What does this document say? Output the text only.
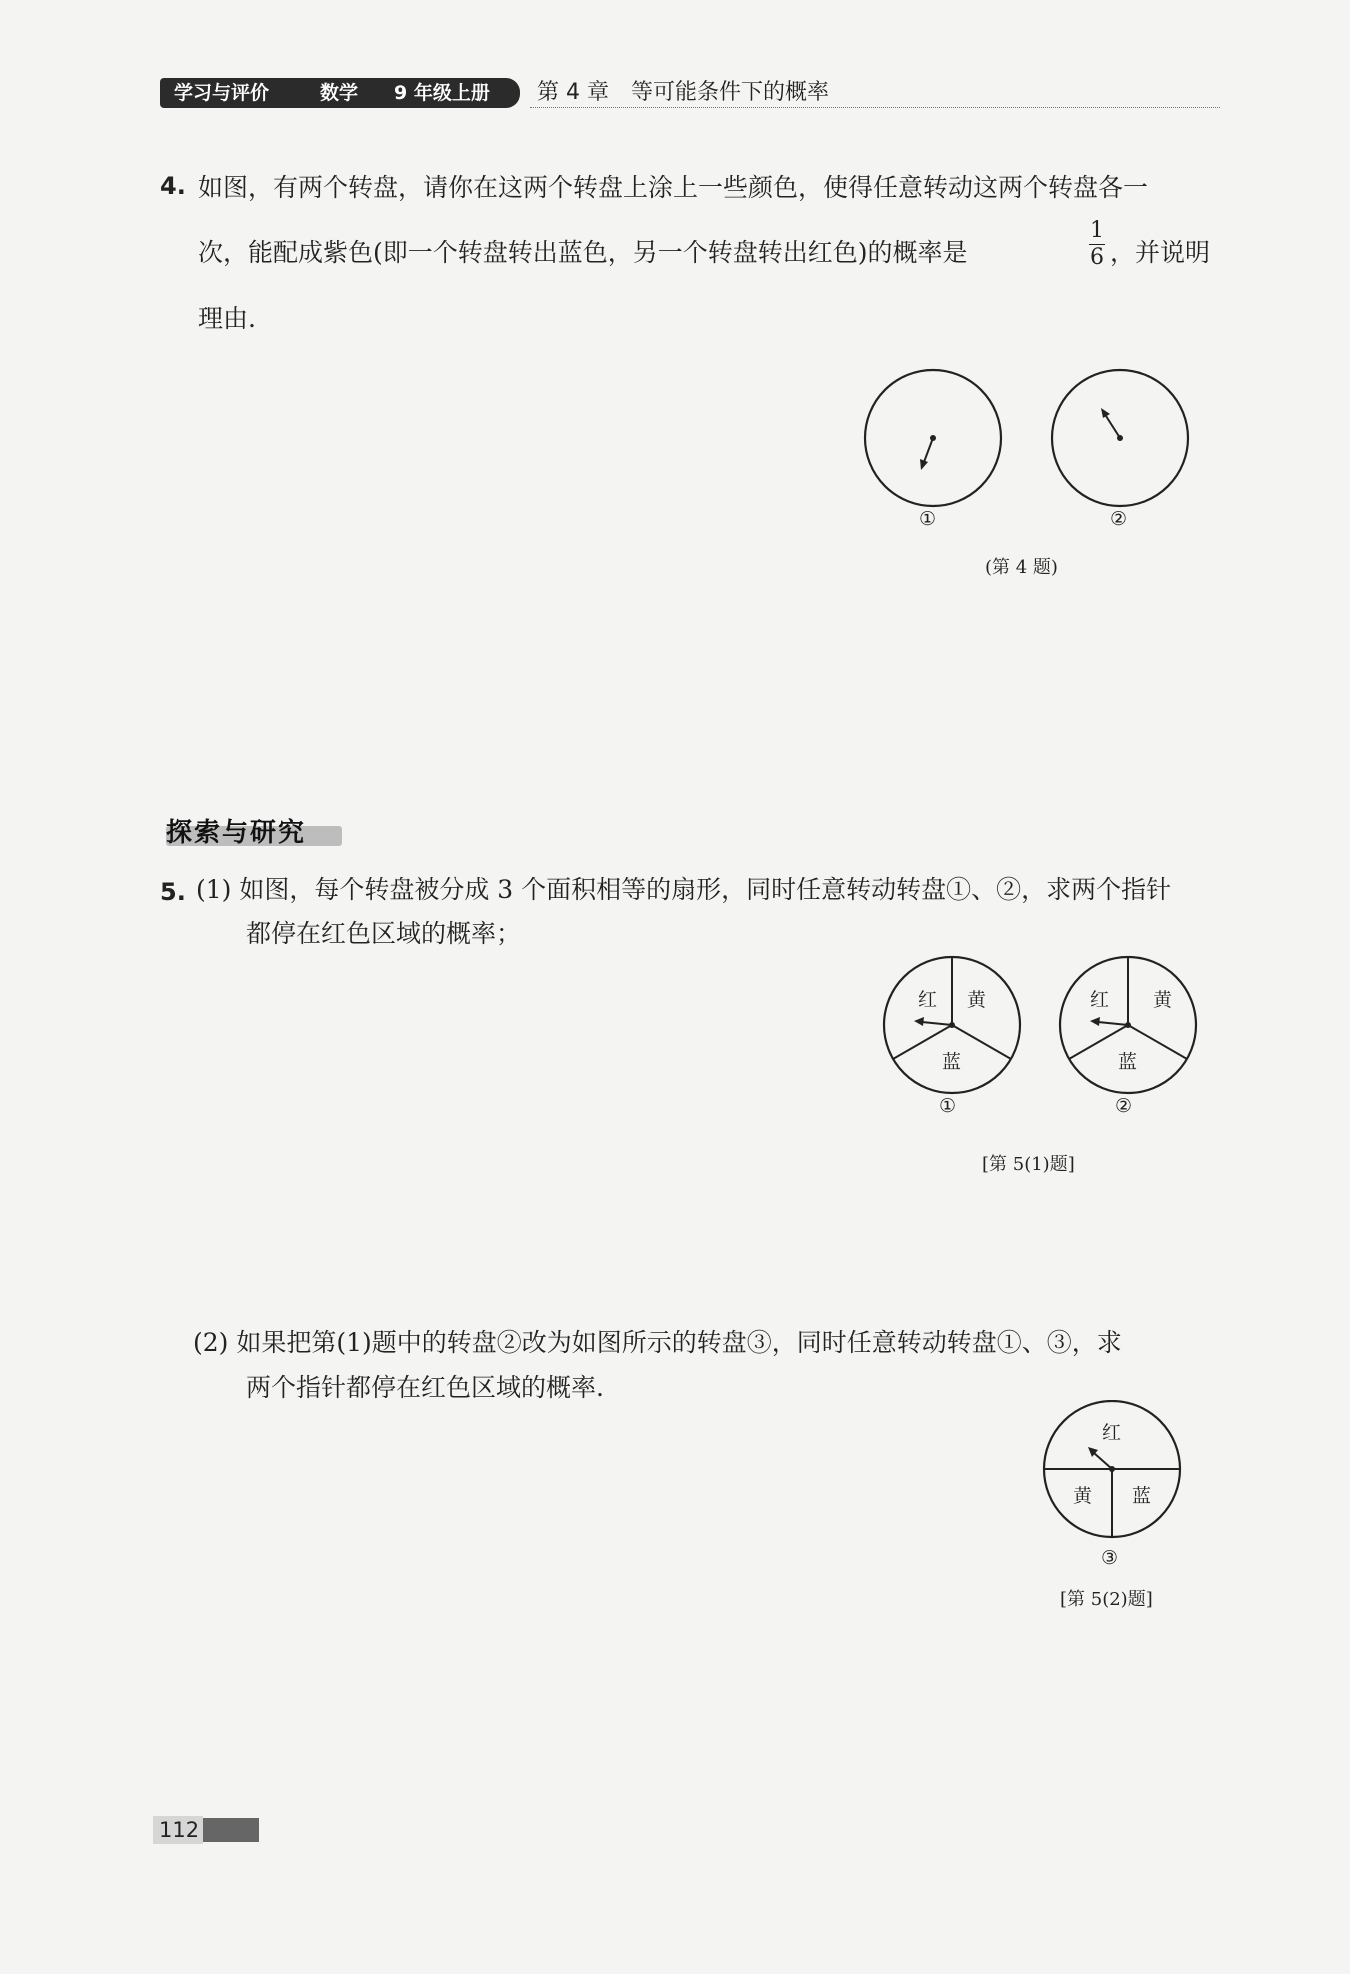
学习与评价	数学 9 年级上册 第 4 章　等可能条件下的概率
4. 如图，有两个转盘，请你在这两个转盘上涂上一些颜色，使得任意转动这两个转盘各一
次，能配成紫色(即一个转盘转出蓝色，另一个转盘转出红色)的概率是
1
6 ，并说明
理由.
①	②
(第 4 题)
探索与研究
5. (1) 如图，每个转盘被分成 3 个面积相等的扇形，同时任意转动转盘①、②，求两个指针
都停在红色区域的概率；
红 黄
蓝
红 黄
蓝
①	②
[第 5(1)题]
(2) 如果把第(1)题中的转盘②改为如图所示的转盘③，同时任意转动转盘①、③，求
两个指针都停在红色区域的概率.
红
黄 蓝
③
[第 5(2)题]
112
